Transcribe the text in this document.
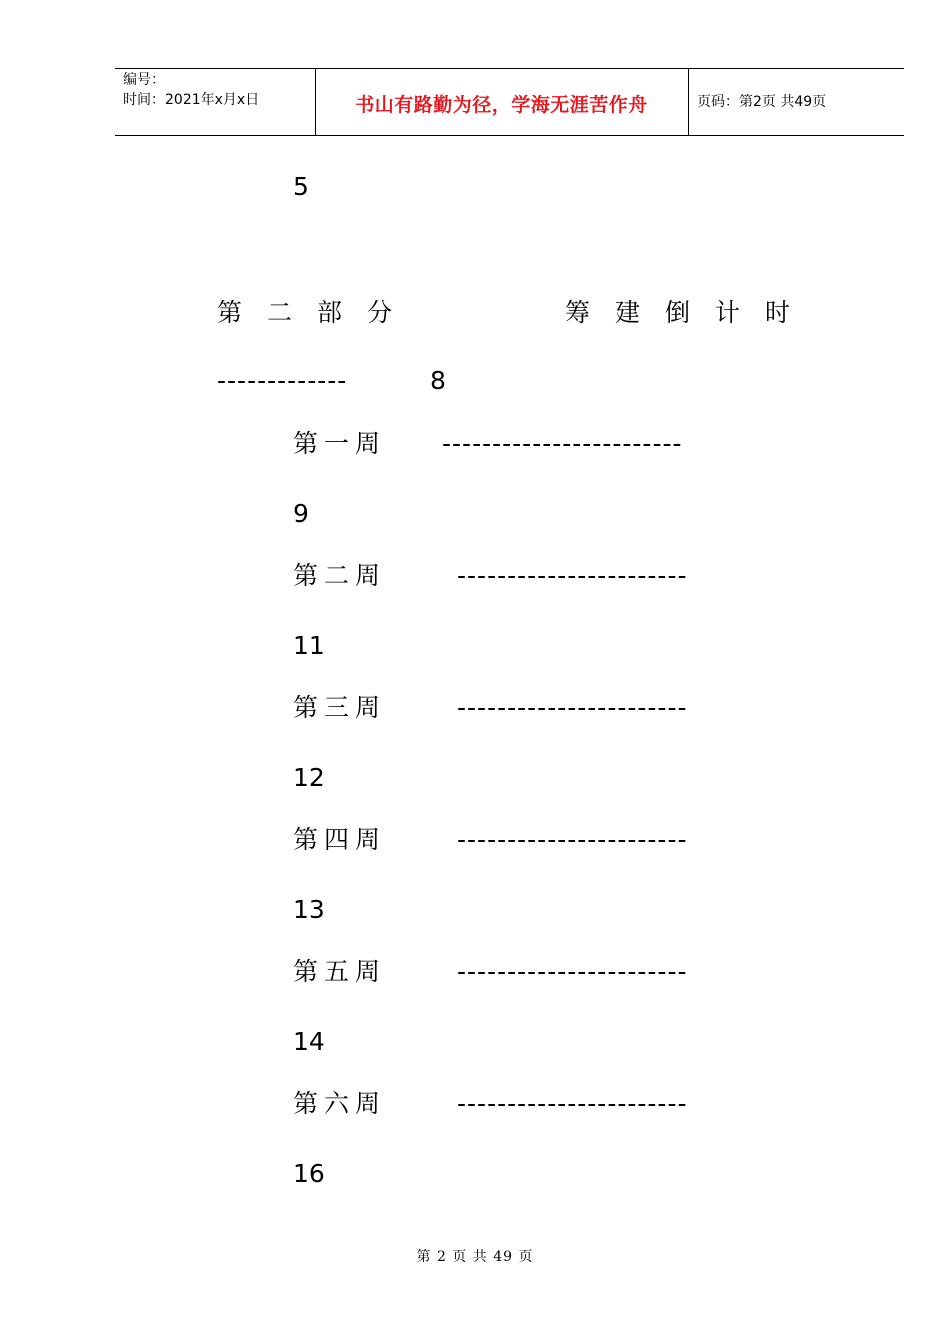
编号：
时间：2021年x月x日	书山有路勤为径，学海无涯苦作舟	页码：第2页 共49页
5
第二部分	筹建倒计时
-------------	8
第一周 ------------------------
9
第二周	-----------------------
11
第三周	-----------------------
12
第四周	-----------------------
13
第五周	-----------------------
14
第六周	-----------------------
16
第 2 页 共 49 页
